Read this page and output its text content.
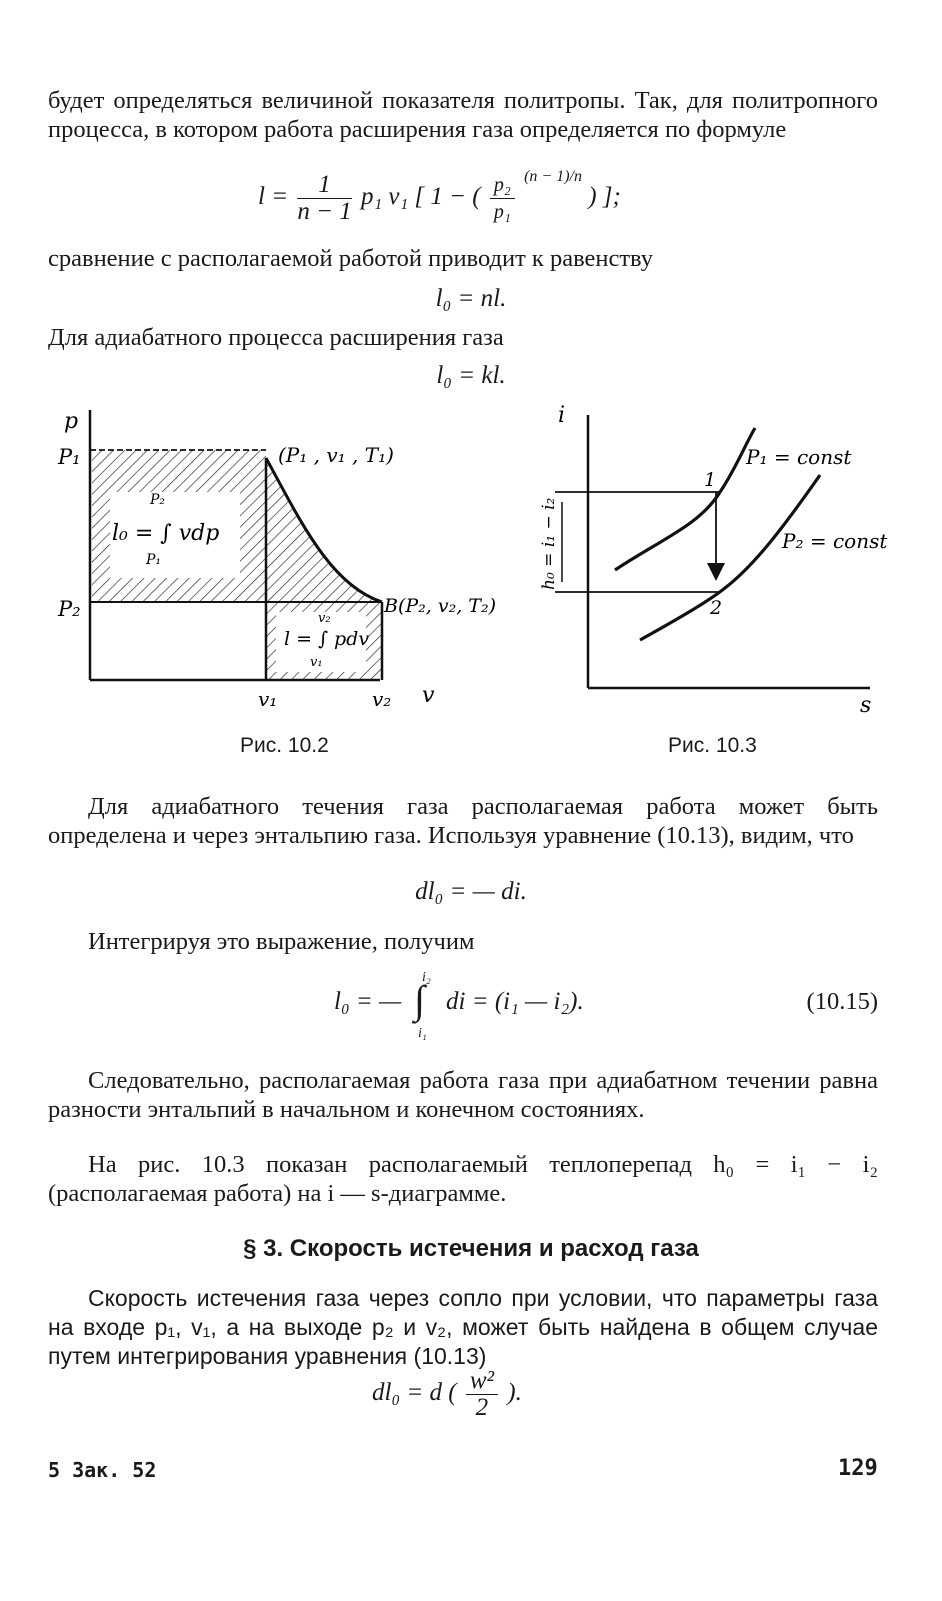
будет определяться величиной показателя политропы. Так, для политропного процесса, в котором работа расширения газа определяется по формуле

$l = \frac{1}{n - 1} p_1$ v₁ [ 1 − ( $\frac{\text{p₂}}{\text{p₁}} ^{(n - 1)/n}$ ) ];

сравнение с располагаемой работой приводит к равенству

l₀ = nl.

Для адиабатного процесса расширения газа

l₀ = kl.
p
P₁
P₂
(P₁ , v₁ , T₁)
B(P₂, v₂, T₂)
P₂
l₀ = ∫ vdp
P₁
v₂
l = ∫ pdv
v₁
v₁	v₂ v
i
s
P₁ = const
P₂ = const
1
2
h₀ = i₁ − i₂
Рис. 10.2	Рис. 10.3

Для адиабатного течения газа располагаемая работа может быть определена и через энтальпию газа. Используя уравнение (10.13), видим, что

dl₀ = — di.

Интегрируя это выражение, получим

l₀ = —
i₂
∫
i₁
di = (i₁ — i₂).	(10.15)

Следовательно, располагаемая работа газа при адиабатном течении равна разности энтальпий в начальном и конечном состояниях.

На рис. 10.3 показан располагаемый теплоперепад h₀ = i₁ − i₂ (располагаемая работа) на i — s-диаграмме.

§ 3. Скорость истечения и расход газа

Скорость истечения газа через сопло при условии, что параметры газа на входе p₁, v₁, а на выходе p₂ и v₂, может быть найдена в общем случае путем интегрирования уравнения (10.13)

dl₀ = d ( $\frac{\text{w²}}{2}$ ).
5 Зак. 52	129
